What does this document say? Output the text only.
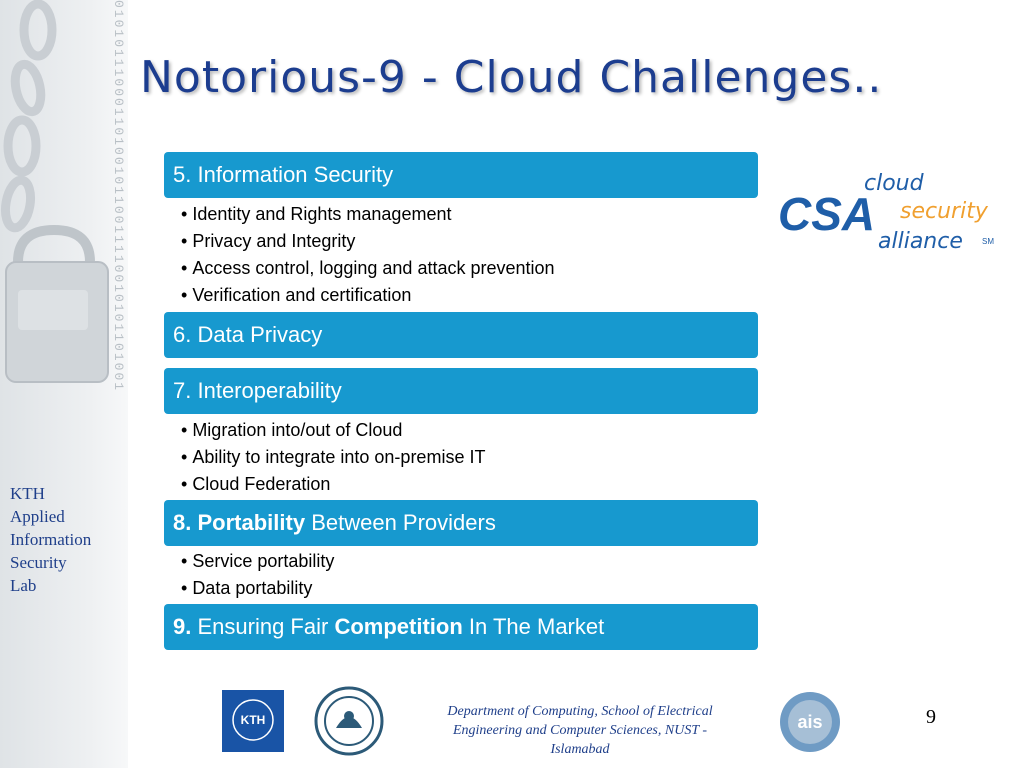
0101011100011010010110011110010101101001
KTH
Applied
Information
Security
Lab
Notorious-9 - Cloud Challenges..
5. Information Security
• Identity and Rights management
• Privacy and Integrity
• Access control, logging and attack prevention
• Verification and certification
6. Data Privacy
7. Interoperability
• Migration into/out of Cloud
• Ability to integrate into on-premise IT
• Cloud Federation
8. Portability Between Providers
• Service portability
• Data portability
9. Ensuring Fair Competition In The Market
CSA
cloud
security
alliance SM
KTH	ais
Department of Computing, School of Electrical
Engineering and Computer Sciences, NUST -
Islamabad
9
